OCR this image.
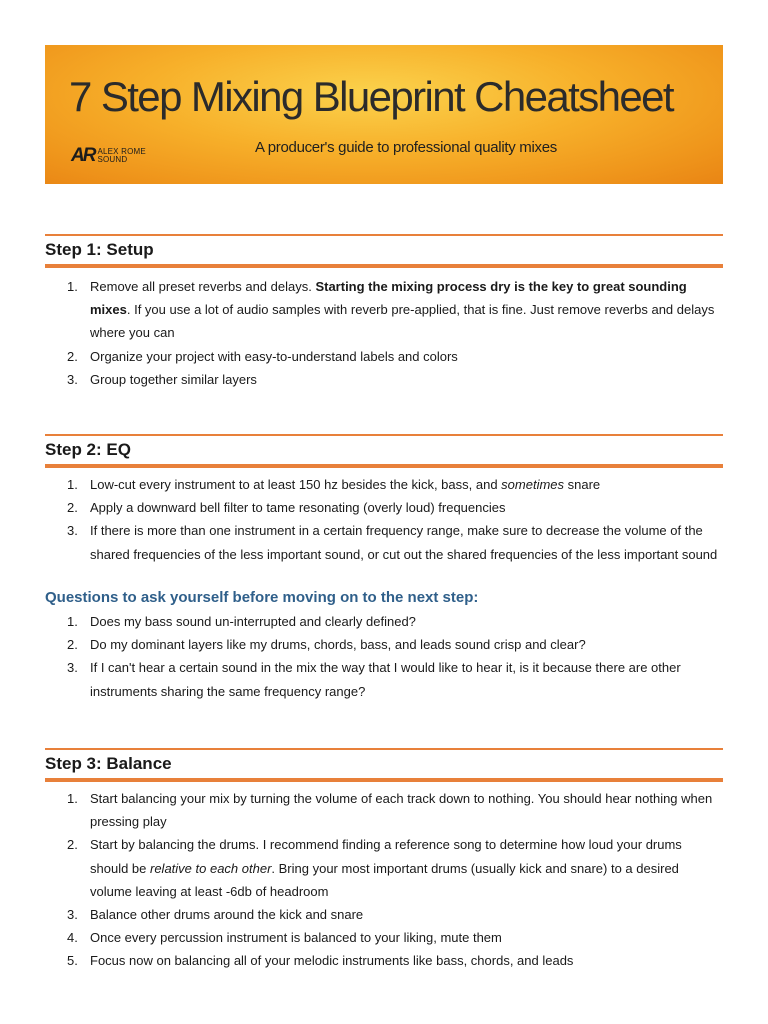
7 Step Mixing Blueprint Cheatsheet
AR ALEX ROME
SOUND
A producer's guide to professional quality mixes
Step 1: Setup
1. Remove all preset reverbs and delays. Starting the mixing process dry is the key to great sounding mixes. If you use a lot of audio samples with reverb pre-applied, that is fine. Just remove reverbs and delays where you can
2. Organize your project with easy-to-understand labels and colors
3. Group together similar layers
Step 2: EQ
1. Low-cut every instrument to at least 150 hz besides the kick, bass, and sometimes snare
2. Apply a downward bell filter to tame resonating (overly loud) frequencies
3. If there is more than one instrument in a certain frequency range, make sure to decrease the volume of the shared frequencies of the less important sound, or cut out the shared frequencies of the less important sound
Questions to ask yourself before moving on to the next step:
1. Does my bass sound un-interrupted and clearly defined?
2. Do my dominant layers like my drums, chords, bass, and leads sound crisp and clear?
3. If I can't hear a certain sound in the mix the way that I would like to hear it, is it because there are other instruments sharing the same frequency range?
Step 3: Balance
1. Start balancing your mix by turning the volume of each track down to nothing. You should hear nothing when pressing play
2. Start by balancing the drums. I recommend finding a reference song to determine how loud your drums should be relative to each other. Bring your most important drums (usually kick and snare) to a desired volume leaving at least -6db of headroom
3. Balance other drums around the kick and snare
4. Once every percussion instrument is balanced to your liking, mute them
5. Focus now on balancing all of your melodic instruments like bass, chords, and leads
